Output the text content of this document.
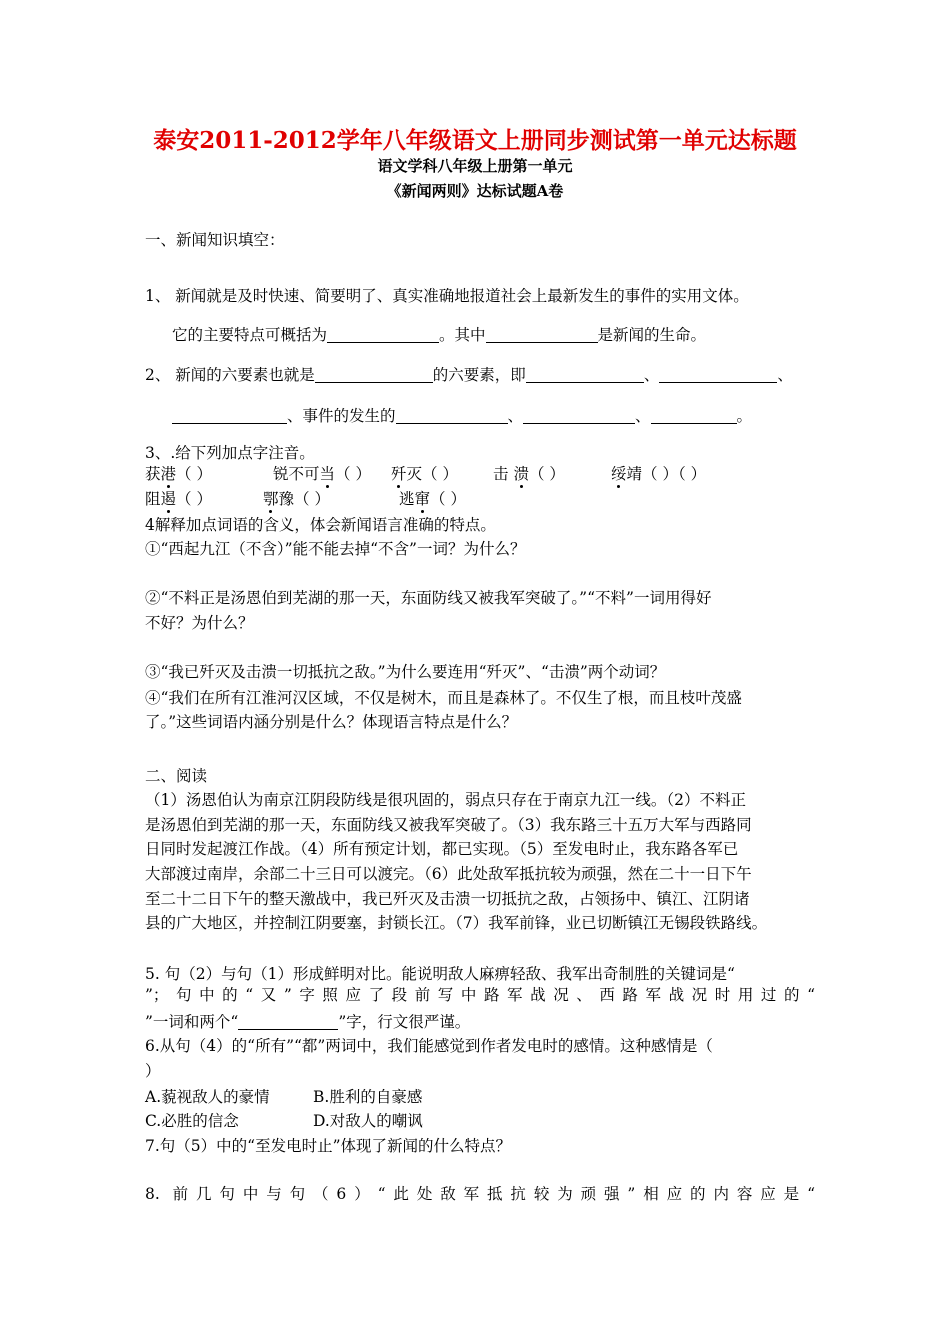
泰安2011-2012学年八年级语文上册同步测试第一单元达标题
语文学科八年级上册第一单元
《新闻两则》达标试题A卷
一、新闻知识填空：
1、 新闻就是及时快速、简要明了、真实准确地报道社会上最新发生的事件的实用文体。
它的主要特点可概括为	。其中	是新闻的生命。
2、 新闻的六要素也就是	的六要素，即	、	、
、事件的发生的	、	、	。
3、.给下列加点字注音。
获港（ ）	锐不可当（ ） 歼灭（ ） 击 溃（ ）	绥靖（ ）（ ）
阻遏（ ）	鄂豫（ ）	逃窜（ ）
4解释加点词语的含义，体会新闻语言准确的特点。
①“西起九江（不含）”能不能去掉“不含”一词？为什么？
②“不料正是汤恩伯到芜湖的那一天，东面防线又被我军突破了。”“不料”一词用得好
不好？为什么？
③“我已歼灭及击溃一切抵抗之敌。”为什么要连用“歼灭”、“击溃”两个动词？
④“我们在所有江淮河汉区域，不仅是树木，而且是森林了。不仅生了根，而且枝叶茂盛
了。”这些词语内涵分别是什么？体现语言特点是什么？
二、阅读
（1）汤恩伯认为南京江阴段防线是很巩固的，弱点只存在于南京九江一线。（2）不料正
是汤恩伯到芜湖的那一天，东面防线又被我军突破了。（3）我东路三十五万大军与西路同
日同时发起渡江作战。（4）所有预定计划，都已实现。（5）至发电时止，我东路各军已
大部渡过南岸，余部二十三日可以渡完。（6）此处敌军抵抗较为顽强，然在二十一日下午
至二十二日下午的整天激战中，我已歼灭及击溃一切抵抗之敌，占领扬中、镇江、江阴诸
县的广大地区，并控制江阴要塞，封锁长江。（7）我军前锋，业已切断镇江无锡段铁路线。
5. 句（2）与句（1）形成鲜明对比。能说明敌人麻痹轻敌、我军出奇制胜的关键词是“
”；句中的“又”字照应了段前写中路军战况、西路军战况时用过的“
”一词和两个“	”字，行文很严谨。
6.从句（4）的“所有”“都”两词中，我们能感觉到作者发电时的感情。这种感情是（
）
A.藐视敌人的豪情	B.胜利的自豪感
C.必胜的信念	D.对敌人的嘲讽
7.句（5）中的“至发电时止”体现了新闻的什么特点？
8. 前几句中与句（6）“此处敌军抵抗较为顽强”相应的内容应是“
